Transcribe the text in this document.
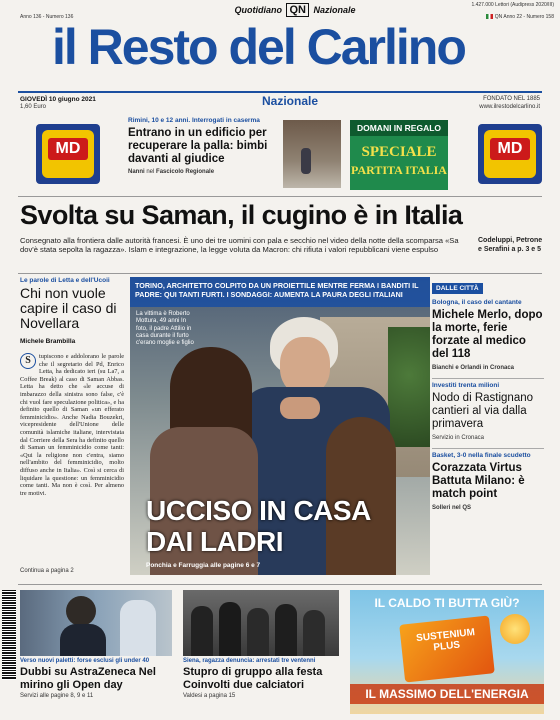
Anno 136 - Numero 136
Quotidiano QN Nazionale	1.427.000 Lettori (Audipress 2020/III)
QN Anno 22 - Numero 158
il Resto del Carlino
GIOVEDÌ 10 giugno 2021
1,60 Euro	Nazionale	FONDATO NEL 1885
www.ilrestodelcarlino.it
MD
Rimini, 10 e 12 anni. Interrogati in caserma
Entrano in un edificio per recuperare la palla: bimbi davanti al giudice
Nanni nel Fascicolo Regionale
DOMANI IN REGALO
SPECIALE
PARTITA ITALIA
MD
Svolta su Saman, il cugino è in Italia
Consegnato alla frontiera dalle autorità francesi. È uno dei tre uomini con pala e secchio nel video della notte della scomparsa «Sa dov'è stata sepolta la ragazza». Islam e integrazione, la legge voluta da Macron: chi rifiuta i valori repubblicani viene espulso
Codeluppi, Petrone e Serafini a p. 3 e 5
Le parole di Letta e dell'Ucoii
Chi non vuole capire il caso di Novellara
Michele Brambilla
S	tupiscono e addolorano le parole che il segretario del Pd, Enrico Letta, ha dedicato ieri (su La7, a Coffee Break) al caso di Saman Abbas. Letta ha detto che «le accuse di imbarazzo della sinistra sono false, c'è chi vuol fare speculazione politica», e ha definito quello di Saman «un efferato femminicidio». Anche Nadia Bouzekri, vicepresidente dell'Unione delle comunità islamiche italiane, intervistata dal Corriere della Sera ha definito quello di Saman un femminicidio come tanti: «Qui la religione non c'entra, siamo nell'ambito del femminicidio, molto diffuso anche in Italia». Così si cerca di liquidare la questione: un femminicidio come tanti. Ma non è così. Per almeno tre motivi.
Continua a pagina 2
TORINO, ARCHITETTO COLPITO DA UN PROIETTILE MENTRE FERMA I BANDITI IL PADRE: QUI TANTI FURTI. I SONDAGGI: AUMENTA LA PAURA DEGLI ITALIANI
La vittima è Roberto Mottura, 49 anni In foto, il padre Attilio in casa durante il furto c'erano moglie e figlio
UCCISO IN CASA
DAI LADRI
Ponchia e Farruggia alle pagine 6 e 7
DALLE CITTÀ
Bologna, il caso del cantante
Michele Merlo, dopo la morte, ferie forzate al medico del 118
Bianchi e Orlandi in Cronaca
Investiti trenta milioni
Nodo di Rastignano cantieri al via dalla primavera
Servizio in Cronaca
Basket, 3-0 nella finale scudetto
Corazzata Virtus Battuta Milano: è match point
Solleri nel QS
Verso nuovi paletti: forse esclusi gli under 40
Dubbi su AstraZeneca Nel mirino gli Open day
Servizi alle pagine 8, 9 e 11
Siena, ragazza denuncia: arrestati tre ventenni
Stupro di gruppo alla festa Coinvolti due calciatori
Valdesi a pagina 15
IL CALDO TI BUTTA GIÙ?
SUSTENIUM PLUS
IL MASSIMO DELL'ENERGIA
